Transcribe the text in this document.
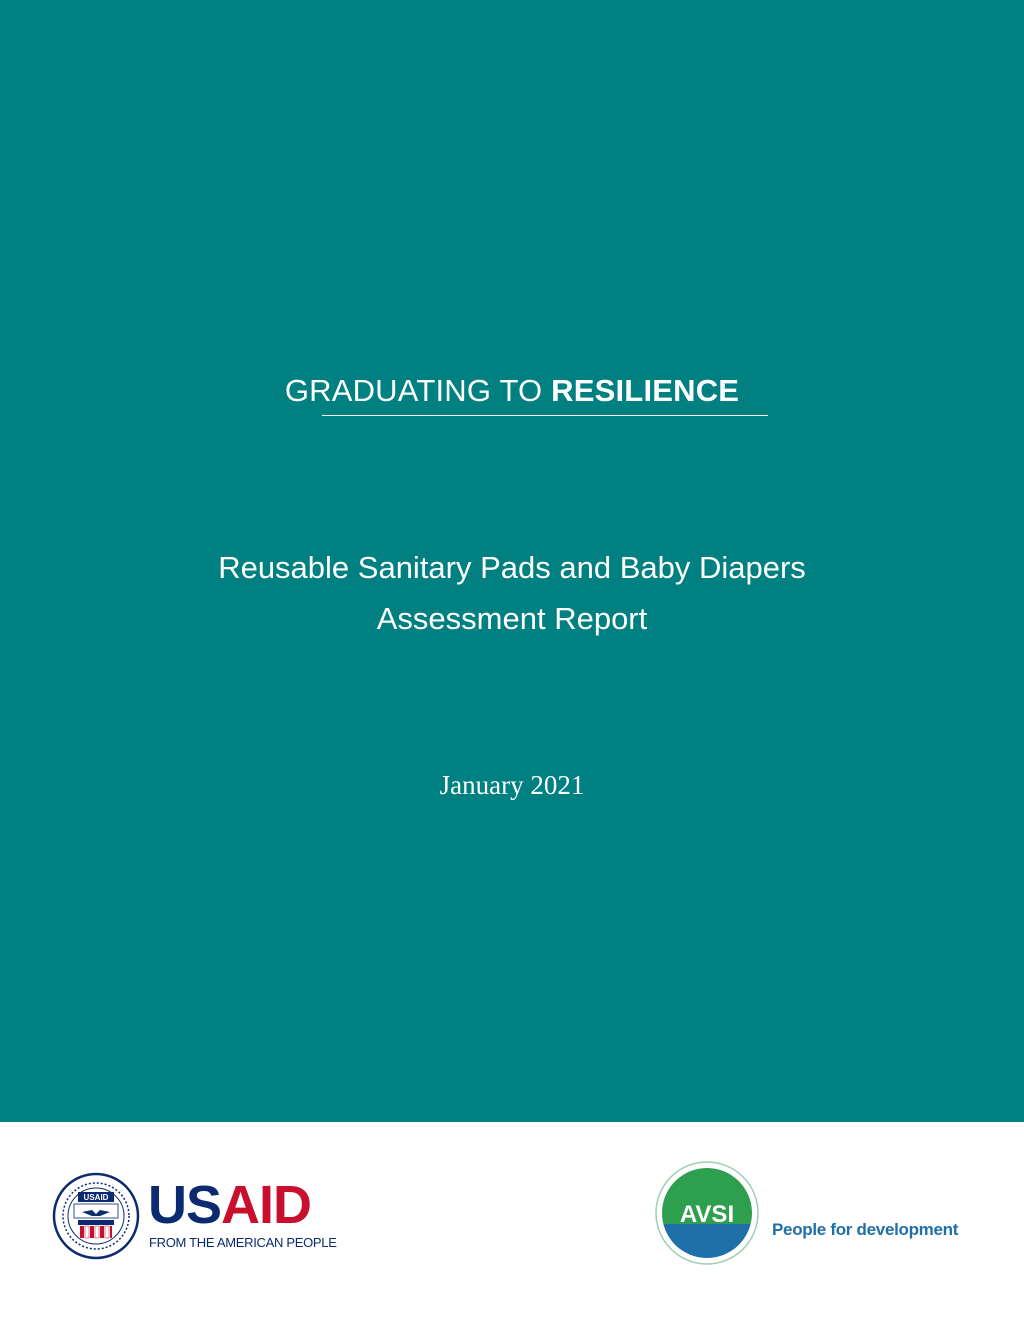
GRADUATING TO RESILIENCE
Reusable Sanitary Pads and Baby Diapers
Assessment Report
January 2021
USAID USAID
FROM THE AMERICAN PEOPLE
AVSI
People for development
